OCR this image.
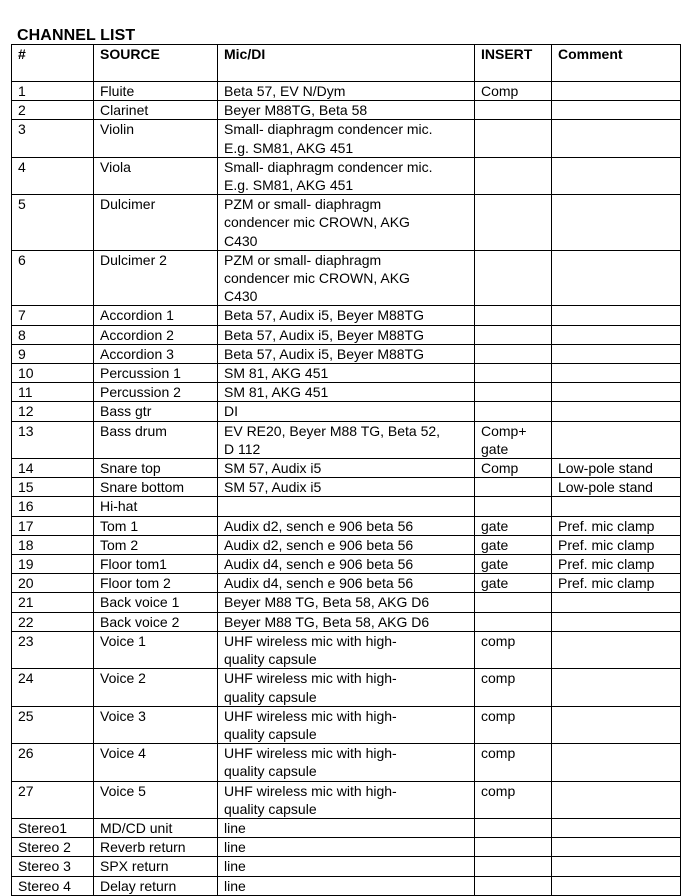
CHANNEL LIST
#	SOURCE	Mic/DI	INSERT	Comment
1	Fluite	Beta 57, EV N/Dym	Comp	
2	Clarinet	Beyer M88TG, Beta 58		
3	Violin	Small- diaphragm condencer mic.
E.g. SM81, AKG 451		
4	Viola	Small- diaphragm condencer mic.
E.g. SM81, AKG 451		
5	Dulcimer	PZM or small- diaphragm
condencer mic CROWN, AKG
C430		
6	Dulcimer 2	PZM or small- diaphragm
condencer mic CROWN, AKG
C430		
7	Accordion 1	Beta 57, Audix i5, Beyer M88TG		
8	Accordion 2	Beta 57, Audix i5, Beyer M88TG		
9	Accordion 3	Beta 57, Audix i5, Beyer M88TG		
10	Percussion 1	SM 81, AKG 451		
11	Percussion 2	SM 81, AKG 451		
12	Bass gtr	DI		
13	Bass drum	EV RE20, Beyer M88 TG, Beta 52,
D 112	Comp+
gate	
14	Snare top	SM 57, Audix i5	Comp	Low-pole stand
15	Snare bottom	SM 57, Audix i5		Low-pole stand
16	Hi-hat			
17	Tom 1	Audix d2, sench e 906 beta 56	gate	Pref. mic clamp
18	Tom 2	Audix d2, sench e 906 beta 56	gate	Pref. mic clamp
19	Floor tom1	Audix d4, sench e 906 beta 56	gate	Pref. mic clamp
20	Floor tom 2	Audix d4, sench e 906 beta 56	gate	Pref. mic clamp
21	Back voice 1	Beyer M88 TG, Beta 58, AKG D6		
22	Back voice 2	Beyer M88 TG, Beta 58, AKG D6		
23	Voice 1	UHF wireless mic with high-
quality capsule	comp	
24	Voice 2	UHF wireless mic with high-
quality capsule	comp	
25	Voice 3	UHF wireless mic with high-
quality capsule	comp	
26	Voice 4	UHF wireless mic with high-
quality capsule	comp	
27	Voice 5	UHF wireless mic with high-
quality capsule	comp	
Stereo1	MD/CD unit	line		
Stereo 2	Reverb return	line		
Stereo 3	SPX return	line		
Stereo 4	Delay return	line		
